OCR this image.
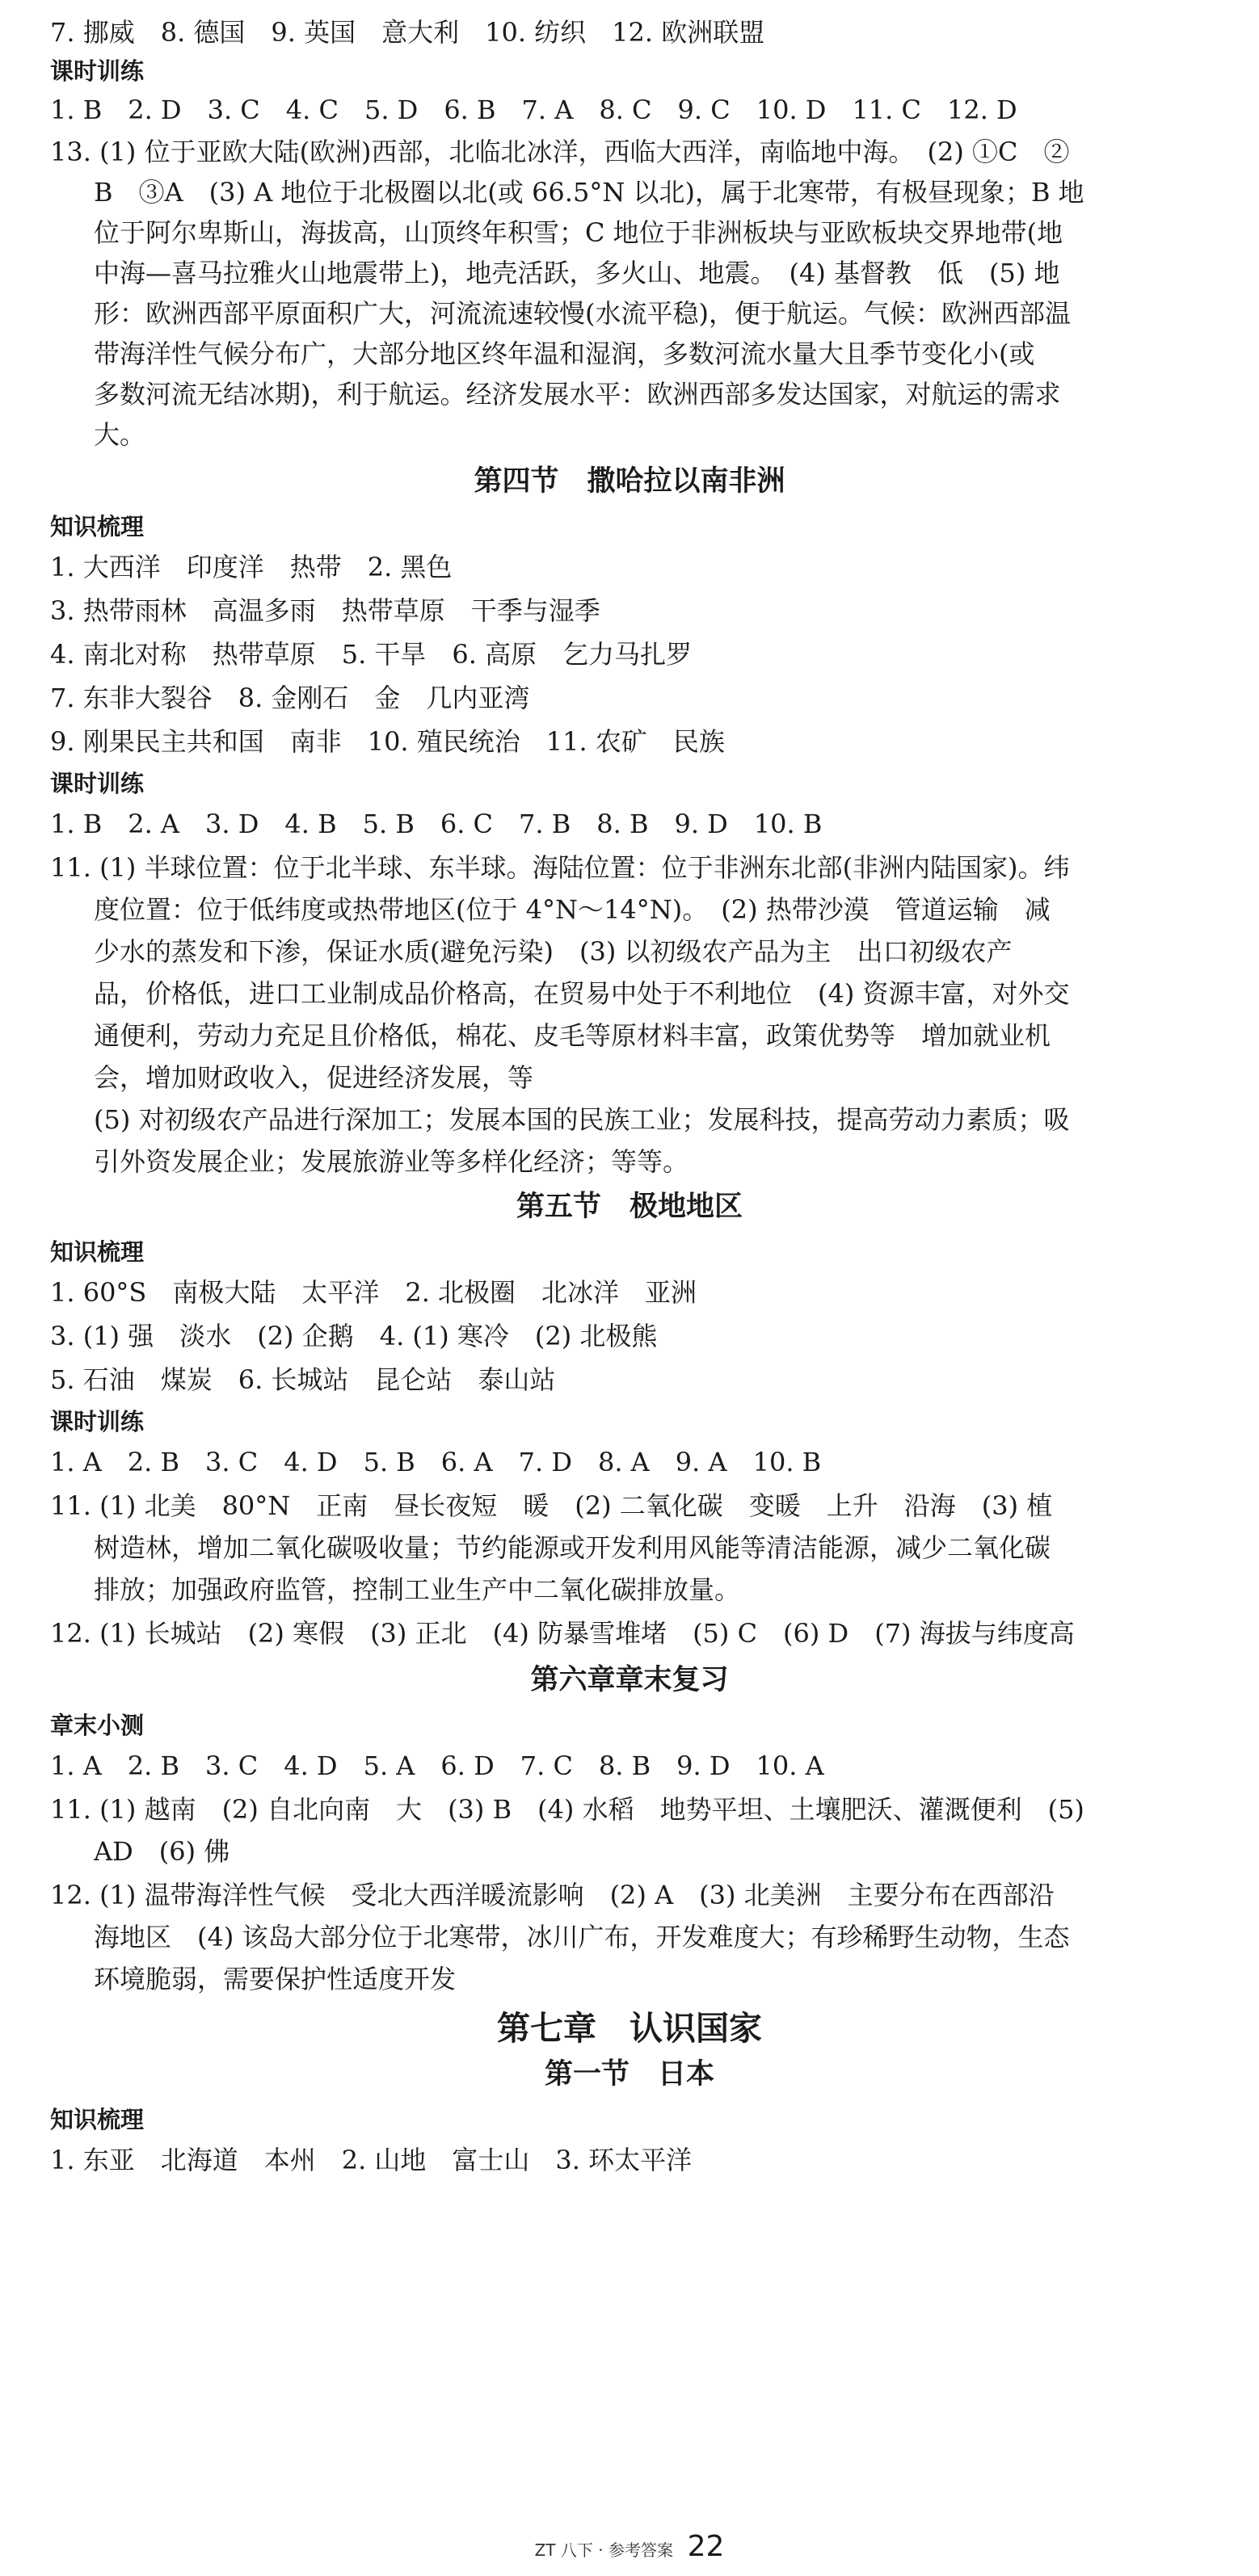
7. 挪威　8. 德国　9. 英国　意大利　10. 纺织　12. 欧洲联盟
课时训练
1. B　2. D　3. C　4. C　5. D　6. B　7. A　8. C　9. C　10. D　11. C　12. D
13. (1) 位于亚欧大陆(欧洲)西部，北临北冰洋，西临大西洋，南临地中海。　(2) ①C　②
B　③A　(3) A 地位于北极圈以北(或 66.5°N 以北)，属于北寒带，有极昼现象；B 地
位于阿尔卑斯山，海拔高，山顶终年积雪；C 地位于非洲板块与亚欧板块交界地带(地
中海—喜马拉雅火山地震带上)，地壳活跃，多火山、地震。　(4) 基督教　低　(5) 地
形：欧洲西部平原面积广大，河流流速较慢(水流平稳)，便于航运。气候：欧洲西部温
带海洋性气候分布广，大部分地区终年温和湿润，多数河流水量大且季节变化小(或
多数河流无结冰期)，利于航运。经济发展水平：欧洲西部多发达国家，对航运的需求
大。
第四节　撒哈拉以南非洲
知识梳理
1. 大西洋　印度洋　热带　2. 黑色
3. 热带雨林　高温多雨　热带草原　干季与湿季
4. 南北对称　热带草原　5. 干旱　6. 高原　乞力马扎罗
7. 东非大裂谷　8. 金刚石　金　几内亚湾
9. 刚果民主共和国　南非　10. 殖民统治　11. 农矿　民族
课时训练
1. B　2. A　3. D　4. B　5. B　6. C　7. B　8. B　9. D　10. B
11. (1) 半球位置：位于北半球、东半球。海陆位置：位于非洲东北部(非洲内陆国家)。纬
度位置：位于低纬度或热带地区(位于 4°N～14°N)。　(2) 热带沙漠　管道运输　减
少水的蒸发和下渗，保证水质(避免污染)　(3) 以初级农产品为主　出口初级农产
品，价格低，进口工业制成品价格高，在贸易中处于不利地位　(4) 资源丰富，对外交
通便利，劳动力充足且价格低，棉花、皮毛等原材料丰富，政策优势等　增加就业机
会，增加财政收入，促进经济发展，等
(5) 对初级农产品进行深加工；发展本国的民族工业；发展科技，提高劳动力素质；吸
引外资发展企业；发展旅游业等多样化经济；等等。
第五节　极地地区
知识梳理
1. 60°S　南极大陆　太平洋　2. 北极圈　北冰洋　亚洲
3. (1) 强　淡水　(2) 企鹅　4. (1) 寒冷　(2) 北极熊
5. 石油　煤炭　6. 长城站　昆仑站　泰山站
课时训练
1. A　2. B　3. C　4. D　5. B　6. A　7. D　8. A　9. A　10. B
11. (1) 北美　80°N　正南　昼长夜短　暖　(2) 二氧化碳　变暖　上升　沿海　(3) 植
树造林，增加二氧化碳吸收量；节约能源或开发利用风能等清洁能源，减少二氧化碳
排放；加强政府监管，控制工业生产中二氧化碳排放量。
12. (1) 长城站　(2) 寒假　(3) 正北　(4) 防暴雪堆堵　(5) C　(6) D　(7) 海拔与纬度高
第六章章末复习
章末小测
1. A　2. B　3. C　4. D　5. A　6. D　7. C　8. B　9. D　10. A
11. (1) 越南　(2) 自北向南　大　(3) B　(4) 水稻　地势平坦、土壤肥沃、灌溉便利　(5)
AD　(6) 佛
12. (1) 温带海洋性气候　受北大西洋暖流影响　(2) A　(3) 北美洲　主要分布在西部沿
海地区　(4) 该岛大部分位于北寒带，冰川广布，开发难度大；有珍稀野生动物，生态
环境脆弱，需要保护性适度开发
第七章　认识国家
第一节　日本
知识梳理
1. 东亚　北海道　本州　2. 山地　富士山　3. 环太平洋
ZT 八下 · 参考答案 22
